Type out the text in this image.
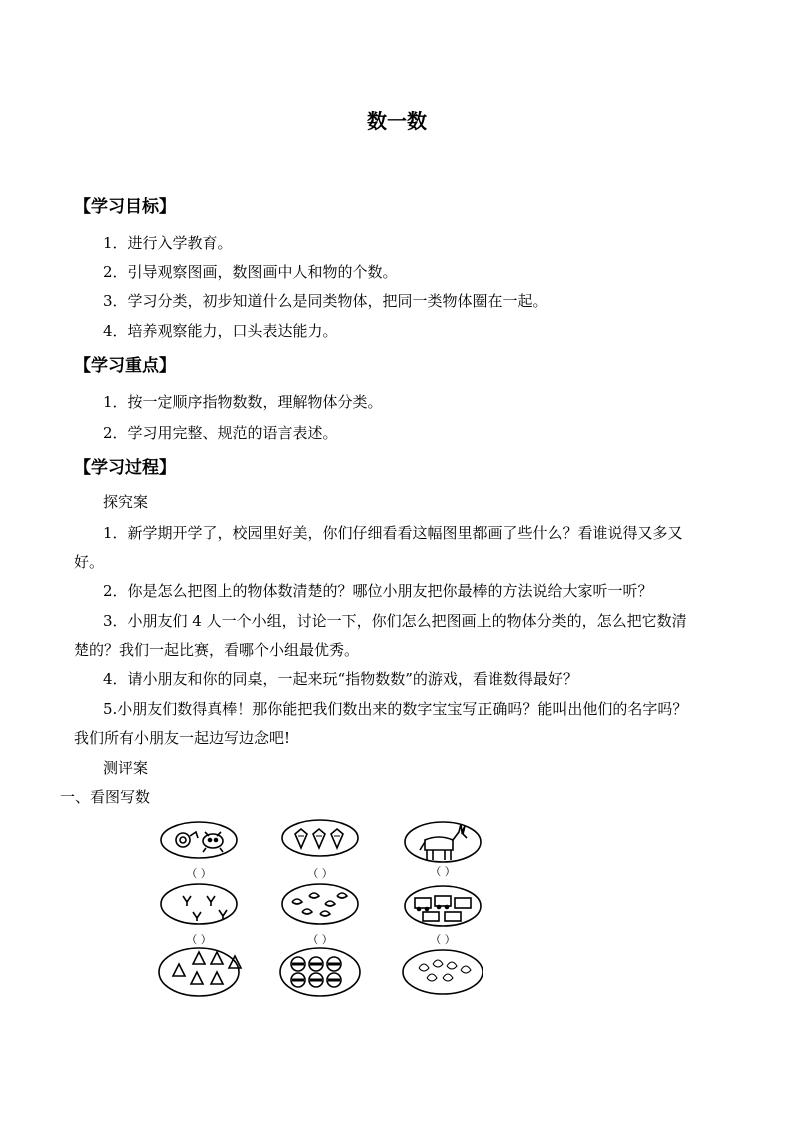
数一数
【学习目标】
1．进行入学教育。
2．引导观察图画，数图画中人和物的个数。
3．学习分类，初步知道什么是同类物体，把同一类物体圈在一起。
4．培养观察能力，口头表达能力。
【学习重点】
1．按一定顺序指物数数，理解物体分类。
2．学习用完整、规范的语言表述。
【学习过程】
探究案
1．新学期开学了，校园里好美，你们仔细看看这幅图里都画了些什么？看谁说得又多又
好。
2．你是怎么把图上的物体数清楚的？哪位小朋友把你最棒的方法说给大家听一听？
3．小朋友们 4 人一个小组，讨论一下，你们怎么把图画上的物体分类的，怎么把它数清
楚的？我们一起比赛，看哪个小组最优秀。
4．请小朋友和你的同桌，一起来玩“指物数数”的游戏，看谁数得最好？
5.小朋友们数得真棒！那你能把我们数出来的数字宝宝写正确吗？能叫出他们的名字吗？
我们所有小朋友一起边写边念吧!
测评案
一、看图写数
（ ）	（ ）	（ ）
（ ）	（ ）	（ ）
